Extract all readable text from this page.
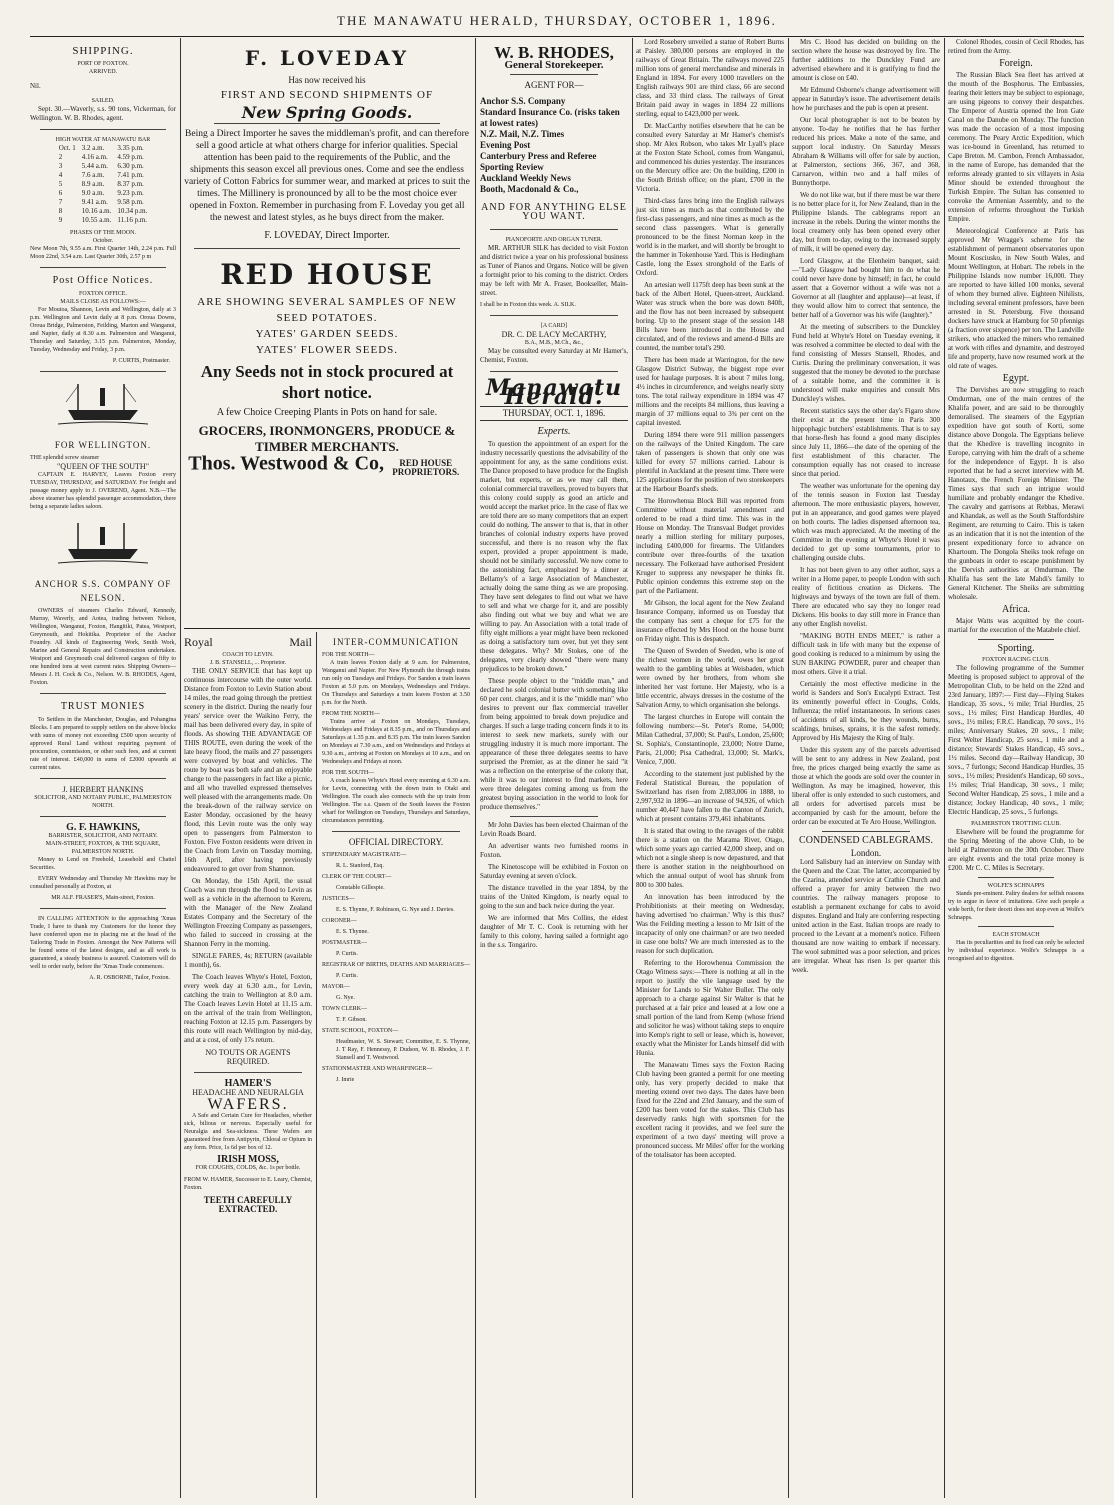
THE MANAWATU HERALD, THURSDAY, OCTOBER 1, 1896.
SHIPPING.
PORT OF FOXTON.
ARRIVED.
Nil.
SAILED.

Sept. 30.—Waverly, s.s. 90 tons, Vickerman, for Wellington. W. B. Rhodes, agent.

HIGH WATER AT MANAWATU BAR
Oct. 1	3.2 a.m.	3.35 p.m.
2	4.16 a.m.	4.59 p.m.
3	5.44 a.m.	6.30 p.m.
4	7.6 a.m.	7.41 p.m.
5	8.9 a.m.	8.37 p.m.
6	9.0 a.m.	9.23 p.m.
7	9.41 a.m.	9.58 p.m.
8	10.16 a.m.	10.34 p.m.
9	10.55 a.m.	11.16 p.m.
PHASES OF THE MOON.
October.
New Moon 7th, 9.55 a.m. First Quarter 14th, 2.24 p.m. Full Moon 22nd, 3.54 a.m. Last Quarter 30th, 2.57 p m
Post Office Notices.
FOXTON OFFICE.
MAILS CLOSE AS FOLLOWS:—

For Moutoa, Shannon, Levin and Wellington, daily at 3 p.m. Wellington and Levin daily at 8 p.m. Oroua Downs, Oroua Bridge, Palmerston, Feilding, Marton and Wanganui, and Napier, daily at 8.30 a.m. Palmerston and Wanganui, Thursday and Saturday, 3.15 p.m. Palmerston, Monday, Tuesday, Wednesday and Friday, 3 p.m.

P. CURTIS, Postmaster.
FOR WELLINGTON.
THE splendid screw steamer
"QUEEN OF THE SOUTH"

CAPTAIN E. HARVEY, Leaves Foxton every TUESDAY, THURSDAY, and SATURDAY. For freight and passage money apply to J. OVEREND, Agent. N.B.—The above steamer has splendid passenger accommodation, there being a separate ladies saloon.

ANCHOR S.S. COMPANY OF NELSON.

OWNERS of steamers Charles Edward, Kennedy, Murray, Waverly, and Aotea, trading between Nelson, Wellington, Wanganui, Foxton, Hangitiki, Patea, Westport, Greymouth, and Hokitika. Proprietor of the Anchor Foundry. All kinds of Engineering Work, Smith Work, Marine and General Repairs and Construction undertaken. Westport and Greymouth coal delivered cargoes of fifty to one hundred tons at west current rates. Shipping Owners— Messrs J. H. Cock & Co., Nelson. W. B. RHODES, Agent, Foxton.

TRUST MONIES

To Settlers in the Manchester, Douglas, and Pohangina Blocks. I am prepared to supply settlers on the above blocks with sums of money not exceeding £500 upon security of approved Rural Land without requiring payment of procuration, commission, or other such fees, and at current rate of interest. £40,000 in sums of £2000 upwards at current rates.

J. HERBERT HANKINS
SOLICITOR, AND NOTARY PUBLIC, PALMERSTON NORTH.
G. F. HAWKINS,
BARRISTER, SOLICITOR, AND NOTARY.
MAIN-STREET, FOXTON, & THE SQUARE, PALMERSTON NORTH.

Money to Lend on Freehold, Leasehold and Chattel Securities.

EVERY Wednesday and Thursday Mr Hawkins may be consulted personally at Foxton, at

MR ALF. FRASER'S, Main-street, Foxton.

IN CALLING ATTENTION to the approaching 'Xmas Trade, I have to thank my Customers for the honor they have conferred upon me in placing me at the head of the Tailoring Trade in Foxton. Amongst the New Patterns will be found some of the latest designs, and as all work is guaranteed, a steady business is assured. Customers will do well to order early, before the 'Xmas Trade commences.

A. R. OSBORNE, Tailor, Foxton.
F. LOVEDAY
Has now received his
FIRST AND SECOND SHIPMENTS OF
New Spring Goods.
Being a Direct Importer he saves the middleman's profit, and can therefore sell a good article at what others charge for inferior qualities. Special attention has been paid to the requirements of the Public, and the shipments this season excel all previous ones. Come and see the endless variety of Cotton Fabrics for summer wear, and marked at prices to suit the times. The Millinery is pronounced by all to be the most choice ever opened in Foxton. Remember in purchasing from F. Loveday you get all the newest and latest styles, as he buys direct from the maker.
F. LOVEDAY, Direct Importer.
RED HOUSE
ARE SHOWING SEVERAL SAMPLES OF NEW
SEED POTATOES.
YATES' GARDEN SEEDS.
YATES' FLOWER SEEDS.
Any Seeds not in stock procured at short notice.
A few Choice Creeping Plants in Pots on hand for sale.
GROCERS, IRONMONGERS, PRODUCE & TIMBER MERCHANTS.
Thos. Westwood & Co, RED HOUSE PROPRIETORS.
Royal	Mail
COACH TO LEVIN.
J. B. STANSELL, ... Proprietor.

THE ONLY SERVICE that has kept up continuous intercourse with the outer world. Distance from Foxton to Levin Station about 14 miles, the road going through the prettiest scenery in the district. During the nearly four years' service over the Waikino Ferry, the mail has been delivered every day, in spite of floods. As showing THE ADVANTAGE OF THIS ROUTE, even during the week of the late heavy flood, the mails and 27 passengers were conveyed by boat and vehicles. The route by boat was both safe and an enjoyable change to the passengers in fact like a picnic, and all who travelled expressed themselves well pleased with the arrangements made. On the break-down of the railway service on Easter Monday, occasioned by the heavy flood, this Levin route was the only way open to passengers from Palmerston to Foxton. Five Foxton residents were driven in the Coach from Levin on Tuesday morning, 16th April, after having previously endeavoured to get over from Shannon.

On Monday, the 15th April, the usual Coach was run through the flood to Levin as well as a vehicle in the afternoon to Kereru, with the Manager of the New Zealand Estates Company and the Secretary of the Wellington Freezing Company as passengers, who failed to succeed in crossing at the Shannon Ferry in the morning.

SINGLE FARES, 4s; RETURN (available 1 month), 6s.

The Coach leaves Whyte's Hotel, Foxton, every week day at 6.30 a.m., for Levin, catching the train to Wellington at 8.0 a.m. The Coach leaves Levin Hotel at 11.15 a.m. on the arrival of the train from Wellington, reaching Foxton at 12.15 p.m. Passengers by this route will reach Wellington by mid-day, and at a cost, of only 17s return.

NO TOUTS OR AGENTS REQUIRED.
HAMER'S
HEADACHE AND NEURALGIA
WAFERS.

A Safe and Certain Cure for Headaches, whether sick, bilious or nervous. Especially useful for Neuralgia and Sea-sickness. These Wafers are guaranteed free from Antipyrin, Chloral or Opium in any form. Price, 1s 6d per box of 12.

IRISH MOSS,
FOR COUGHS, COLDS, &c. 1s per bottle.
FROM W. HAMER, Successor to E. Leary, Chemist, Foxton.
TEETH CAREFULLY EXTRACTED.
INTER-COMMUNICATION
FOR THE NORTH—

A train leaves Foxton daily at 9 a.m. for Palmerston, Wanganui and Napier. For New Plymouth the through trains run only on Tuesdays and Fridays. For Sandon a train leaves Foxton at 5.0 p.m. on Mondays, Wednesdays and Fridays. On Thursdays and Saturdays a train leaves Foxton at 3.50 p.m. for the North.

FROM THE NORTH—

Trains arrive at Foxton on Mondays, Tuesdays, Wednesdays and Fridays at 8.35 p.m., and on Thursdays and Saturdays at 1.35 p.m. and 8.35 p.m. The train leaves Sandon on Mondays at 7.30 a.m., and on Wednesdays and Fridays at 9.30 a.m., arriving at Foxton on Mondays at 10 a.m., and on Wednesdays and Fridays at noon.

FOR THE SOUTH—

A coach leaves Whyte's Hotel every morning at 6.30 a.m. for Levin, connecting with the down train to Otaki and Wellington. The coach also connects with the up train from Wellington. The s.s. Queen of the South leaves the Foxton wharf for Wellington on Tuesdays, Thursdays and Saturdays, circumstances permitting.

OFFICIAL DIRECTORY.
STIPENDIARY MAGISTRATE—
R. L. Stanford, Esq.
CLERK OF THE COURT—
Constable Gillespie.
JUSTICES—
E. S. Thynne, F. Robinson, G. Nye and J. Davies.
CORONER—
E. S. Thynne.
POSTMASTER—
P. Curtis.
REGISTRAR OF BIRTHS, DEATHS AND MARRIAGES—
P. Curtis.
MAYOR—
G. Nye.
TOWN CLERK—
T. F. Gibson.
STATE SCHOOL, FOXTON—
Headmaster, W. S. Stewart; Committee, E. S. Thynne, J. T Ray, F. Hennessy, P. Dudson, W. B. Rhodes, J. F. Stansell and T. Westwood.
STATIONMASTER AND WHARFINGER—
J. Imrie
W. B. RHODES,
General Storekeeper.
AGENT FOR—
Anchor S.S. Company
Standard Insurance Co. (risks taken at lowest rates)
N.Z. Mail, N.Z. Times
Evening Post
Canterbury Press and Referee
Sporting Review
Auckland Weekly News
Booth, Macdonald & Co.,
AND FOR ANYTHING ELSE YOU WANT.
PIANOFORTE AND ORGAN TUNER.

MR. ARTHUR SILK has decided to visit Foxton and district twice a year on his professional business as Tuner of Pianos and Organs. Notice will be given a fortnight prior to his coming to the district. Orders may be left with Mr A. Fraser, Bookseller, Main-street.

I shall be in Foxton this week. A. SILK.
[A CARD]
DR. C. DE LACY McCARTHY,
B.A., M.B., M.Ch., &c.,

May be consulted every Saturday at Mr Hamer's, Chemist, Foxton.

Manawatu Herald.
THURSDAY, OCT. 1, 1896.
Experts.

To question the appointment of an expert for the industry necessarily questions the advisability of the appointment for any, as the same conditions exist. The Dance proposed to have produce for the English market, but experts, or as we may call them, colonial commercial travellers, proved to buyers that this colony could supply as good an article and would accept the market price. In the case of flax we are told there are so many competitors that an expert could do nothing. The answer to that is, that in other branches of colonial industry experts have proved successful, and there is no reason why the flax expert, provided a proper appointment is made, should not be similarly successful. We now come to the astonishing fact, emphasized by a dinner at Bellamy's of a large Association of Manchester, actually doing the same thing as we are proposing. They have sent delegates to find out what we have to sell and what we charge for it, and are possibly also finding out what we buy and what we are willing to pay. An Association with a total trade of fifty eight millions a year might have been reckoned as doing a satisfactory turn over, but yet they sent these delegates. Why? Mr Stokes, one of the delegates, very clearly showed "there were many prejudices to be broken down."

These people object to the "middle man," and declared he sold colonial butter with something like 60 per cent. charges, and it is the "middle man" who desires to prevent our flax commercial traveller from being appointed to break down prejudice and charges. If such a large trading concern finds it to its interest to seek new markets, surely with our struggling industry it is much more important. The appearance of these three delegates seems to have surprised the Premier, as at the dinner he said "it was a reflection on the enterprise of the colony that, while it was to our interest to find markets, here were three delegates coming among us from the greatest buying association in the world to look for produce themselves."

Mr John Davies has been elected Chairman of the Levin Roads Board.

An advertiser wants two furnished rooms in Foxton.

The Kinetoscope will be exhibited in Foxton on Saturday evening at seven o'clock.

The distance travelled in the year 1894, by the trains of the United Kingdom, is nearly equal to going to the sun and back twice during the year.

We are informed that Mrs Collins, the eldest daughter of Mr T. C. Cook is returning with her family to this colony, having sailed a fortnight ago in the s.s. Tongariro.

Lord Rosebery unveiled a statue of Robert Burns at Paisley. 380,000 persons are employed in the railways of Great Britain. The railways moved 225 million tons of general merchandise and minerals in England in 1894. For every 1000 travellers on the English railways 901 are third class, 66 are second class, and 33 third class. The railways of Great Britain paid away in wages in 1894 22 millions sterling, equal to £423,000 per week.

Dr. MacCarthy notifies elsewhere that he can be consulted every Saturday at Mr Hamer's chemist's shop. Mr Alex Robson, who takes Mr Lyall's place at the Foxton State School, comes from Wanganui, and commenced his duties yesterday. The insurances on the Mercury office are: On the building, £200 in the South British office; on the plant, £700 in the Victoria.

Third-class fares bring into the English railways just six times as much as that contributed by the first-class passengers, and nine times as much as the second class passengers. What is generally pronounced to be the finest Norman keep in the world is in the market, and will shortly be brought to the hammer in Tokenhouse Yard. This is Hedingham Castle, long the Essex stronghold of the Earls of Oxford.

An artesian well 1175ft deep has been sunk at the back of the Albert Hotel, Queen-street, Auckland. Water was struck when the bore was down 840ft, and the flow has not been increased by subsequent boring. Up to the present stage of the session 148 Bills have been introduced in the House and circulated, and of the reviews and amend-d Bills are counted, the number total's 290.

There has been made at Warrington, for the new Glasgow District Subway, the biggest rope ever used for haulage purposes. It is about 7 miles long, 4½ inches in circumference, and weighs nearly sixty tons. The total railway expenditure in 1894 was 47 millions and the receipts 84 millions, thus leaving a margin of 37 millions equal to 3¾ per cent on the capital invested.

During 1894 there were 911 million passengers on the railways of the United Kingdom. The care taken of passengers is shown that only one was killed for every 57 millions carried. Labour is plentiful in Auckland at the present time. There were 125 applications for the position of two storekeepers at the Harbour Board's sheds.

The Horowhenua Block Bill was reported from Committee without material amendment and ordered to be read a third time. This was in the House on Monday. The Transvaal Budget provides nearly a million sterling for military purposes, including £400,000 for firearms. The Uitlanders contribute over three-fourths of the taxation necessary. The Folkeraad have authorised President Kruger to suppress any newspaper he thinks fit. Public opinion condemns this extreme step on the part of the Parliament.

Mr Gibson, the local agent for the New Zealand Insurance Company, informed us on Tuesday that the company has sent a cheque for £75 for the insurance effected by Mrs Hood on the house burnt on Friday night. This is despatch.

The Queen of Sweden of Sweden, who is one of the richest women in the world, owes her great wealth to the gambling tables at Weisbaden, which were owned by her brothers, from whom she inherited her vast fortune. Her Majesty, who is a little eccentric, always dresses in the costume of the Salvation Army, to which organisation she belongs.

The largest churches in Europe will contain the following numbers:—St. Peter's Rome, 54,000; Milan Cathedral, 37,000; St. Paul's, London, 25,600; St. Sophia's, Constantinople, 23,000; Notre Dame, Paris, 21,000; Pisa Cathedral, 13,000; St. Mark's, Venice, 7,000.

According to the statement just published by the Federal Statistical Bureau, the population of Switzerland has risen from 2,083,006 in 1888, to 2,997,932 in 1896—an increase of 94,926, of which number 40,447 have fallen to the Canton of Zurich, which at present contains 379,461 inhabitants.

It is stated that owing to the ravages of the rabbit there is a station on the Marama River, Otago, which some years ago carried 42,000 sheep, and on which not a single sheep is now depastured, and that there is another station in the neighbourhood on which the annual output of wool has shrunk from 800 to 300 bales.

An innovation has been introduced by the Prohibitionists at their meeting on Wednesday, having advertised 'no chairman.' Why is this thus? Was the Feilding meeting a lesson to Mr Isitt of the incapacity of only one chairman? or are two needed in case one bolts? We are much interested as to the reason for such duplication.

Referring to the Horowhenua Commission the Otago Witness says:—There is nothing at all in the report to justify the vile language used by the Minister for Lands to Sir Walter Buller. The only approach to a charge against Sir Walter is that he purchased at a fair price and leased at a low one a small portion of the land from Kemp (whose friend and solicitor he was) without taking steps to enquire into Kemp's right to sell or lease, which is, however, exactly what the Minister for Lands himself did with Hunia.

The Manawatu Times says the Foxton Racing Club having been granted a permit for one meeting only, has very properly decided to make that meeting extend over two days. The dates have been fixed for the 22nd and 23rd January, and the sum of £200 has been voted for the stakes. This Club has deservedly ranks high with sportsmen for the excellent racing it provides, and we feel sure the experiment of a two days' meeting will prove a pronounced success. Mr Miles' offer for the working of the totalisator has been accepted.

Mrs C. Hood has decided on building on the section where the house was destroyed by fire. The further additions to the Dunckley Fund are advertised elsewhere and it is gratifying to find the amount is close on £40.

Mr Edmund Osborne's change advertisement will appear in Saturday's issue. The advertisement details how he purchases and the pub is open at present.

Our local photographer is not to be beaten by anyone. To-day he notifies that he has further reduced his prices. Make a note of the same, and support local industry. On Saturday Messrs Abraham & Williams will offer for sale by auction, at Palmerston, sections 366, 367, and 368, Carnarvon, within two and a half miles of Bunnythorpe.

We do not like war, but if there must be war there is no better place for it, for New Zealand, than in the Philippine Islands. The cablegrams report an increase in the rebels. During the winter months the local creamery only has been opened every other day, but from to-day, owing to the increased supply of milk, it will be opened every day.

Lord Glasgow, at the Elenheim banquet, said:—"Lady Glasgow had bought him to do what he could never have done by himself; in fact, he could assert that a Governor without a wife was not a Governor at all (laughter and applause)—at least, if they would allow him to correct that sentence, the better half of a Governor was his wife (laughter)."

At the meeting of subscribers to the Dunckley Fund held at Whyte's Hotel on Tuesday evening, it was resolved a committee be elected to deal with the fund consisting of Messrs Stansell, Rhodes, and Curtis. During the preliminary conversation, it was suggested that the money be devoted to the purchase of a suitable home, and the committee it is understood will make enquiries and consult Mrs Dunckley's wishes.

Recent statistics says the other day's Figaro show their exist at the present time in Paris 300 hippophagic butchers' establishments. That is to say that horse-flesh has found a good many disciples since July 11, 1866—the date of the opening of the first establishment of this character. The consumption equally has not ceased to increase since that period.

The weather was unfortunate for the opening day of the tennis season in Foxton last Tuesday afternoon. The more enthusiastic players, however, put in an appearance, and good games were played on both courts. The ladies dispensed afternoon tea, which was much appreciated. At the meeting of the Committee in the evening at Whyte's Hotel it was decided to get up some tournaments, prior to challenging outside clubs.

It has not been given to any other author, says a writer in a Home paper, to people London with such reality of fictitious creation as Dickens. The highways and byways of the town are full of them. There are educated who say they no longer read Dickens. His books to day still more in France than any other English novelist.

"MAKING BOTH ENDS MEET," is rather a difficult task in life with many but the expense of good cooking is reduced to a minimum by using the SUN BAKING POWDER, purer and cheaper than most others. Give it a trial.

Certainly the most effective medicine in the world is Sanders and Son's Eucalypti Extract. Test its eminently powerful effect in Coughs, Colds, Influenza; the relief instantaneous. In serious cases of accidents of all kinds, be they wounds, burns, scaldings, bruises, sprains, it is the safest remedy. Approved by His Majesty the King of Italy.

Under this system any of the parcels advertised will be sent to any address in New Zealand, post free, the prices charged being exactly the same as those at which the goods are sold over the counter in Wellington. As may be imagined, however, this liberal offer is only extended to such customers, and all orders for advertised parcels must be accompanied by cash for the amount, before the order can be executed at Te Aro House, Wellington.

CONDENSED CABLEGRAMS.
London.

Lord Salisbury had an interview on Sunday with the Queen and the Czar. The latter, accompanied by the Czarina, attended service at Crathie Church and offered a prayer for amity between the two countries. The railway managers propose to establish a permanent exchange for cabs to avoid disputes. England and Italy are conferring respecting united action in the East. Italian troops are ready to proceed to the Levant at a moment's notice. Fifteen thousand are now waiting to embark if necessary. The wool submitted was a poor selection, and prices are irregular. Wheat has risen 1s per quarter this week.

Colonel Rhodes, cousin of Cecil Rhodes, has retired from the Army.

Foreign.

The Russian Black Sea fleet has arrived at the mouth of the Bosphorus. The Embassies, fearing their letters may be subject to espionage, are using pigeons to convey their despatches. The Emperor of Austria opened the Iron Gate Canal on the Danube on Monday. The function was made the occasion of a most imposing ceremony. The Peary Arctic Expedition, which was ice-bound in Greenland, has returned to Cape Breton. M. Cambon, French Ambassador, in the name of Europe, has demanded that the reforms already granted to six villayets in Asia Minor should be extended throughout the Turkish Empire. The Sultan has consented to convoke the Armenian Assembly, and to the extension of reforms throughout the Turkish Empire.

Meteorological Conference at Paris has approved Mr Wragge's scheme for the establishment of permanent observatories upon Mount Kosciusko, in New South Wales, and Mount Wellington, at Hobart. The rebels in the Philippine Islands now number 16,000. They are reported to have killed 100 monks, several of whom they burned alive. Eighteen Nihilists, including several eminent professors, have been arrested in St. Petersburg. Five thousand dockers have struck at Hamburg for 50 pfennigs (a fraction over sixpence) per ton. The Landville strikers, who attacked the miners who remained at work with rifles and dynamite, and destroyed life and property, have now resumed work at the old rate of wages.

Egypt.

The Dervishes are now struggling to reach Omdurman, one of the main centres of the Khalifa power, and are said to be thoroughly demoralised. The steamers of the Egyptian expedition have got south of Korti, some distance above Dongola. The Egyptians believe that the Khedive is travelling incognito in Europe, carrying with him the draft of a scheme for the independence of Egypt. It is also reported that he had a secret interview with M. Hanotaux, the French Foreign Minister. The Times says that such an intrigue would humiliate and probably endanger the Khedive. The cavalry and garrisons at Rebbas, Merawi and Khandak, as well as the South Staffordshire Regiment, are returning to Cairo. This is taken as an indication that it is not the intention of the present expeditionary force to advance on Khartoum. The Dongola Sheiks took refuge on the gunboats in order to escape punishment by the Dervish authorities at Omdurman. The Khalifa has sent the late Mahdi's family to General Kitchener. The Sheiks are submitting wholesale.

Africa.

Major Watts was acquitted by the court-martial for the execution of the Matabele chief.

Sporting.
FOXTON RACING CLUB.

The following programme of the Summer Meeting is proposed subject to approval of the Metropolitan Club, to be held on the 22nd and 23rd January, 1897:— First day—Flying Stakes Handicap, 35 sovs., ½ mile; Trial Hurdles, 25 sovs., 1½ miles; First Handicap Hurdles, 40 sovs., 1½ miles; F.R.C. Handicap, 70 sovs., 1½ miles; Anniversary Stakes, 20 sovs., 1 mile; First Welter Handicap, 25 sovs., 1 mile and a distance; Stewards' Stakes Handicap, 45 sovs., 1½ miles. Second day—Railway Handicap, 30 sovs., 7 furlongs; Second Handicap Hurdles, 35 sovs., 1½ miles; President's Handicap, 60 sovs., 1½ miles; Trial Handicap, 30 sovs., 1 mile; Second Welter Handicap, 25 sovs., 1 mile and a distance; Jockey Handicap, 40 sovs., 1 mile; Electric Handicap, 25 sovs., 5 furlongs.

PALMERSTON TROTTING CLUB.

Elsewhere will be found the programme for the Spring Meeting of the above Club, to be held at Palmerston on the 30th October. There are eight events and the total prize money is £200. Mr C. C. Miles is Secretary.

WOLFE'S SCHNAPPS

Stands pre-eminent. Paltry dealers for selfish reasons try to argue in favor of imitations. Give such people a wide berth, for their deceit does not stop even at Wolfe's Schnapps.

EACH STOMACH

Has its peculiarities and its food can only be selected by individual experience. Wolfe's Schnapps is a recognised aid to digestion.
